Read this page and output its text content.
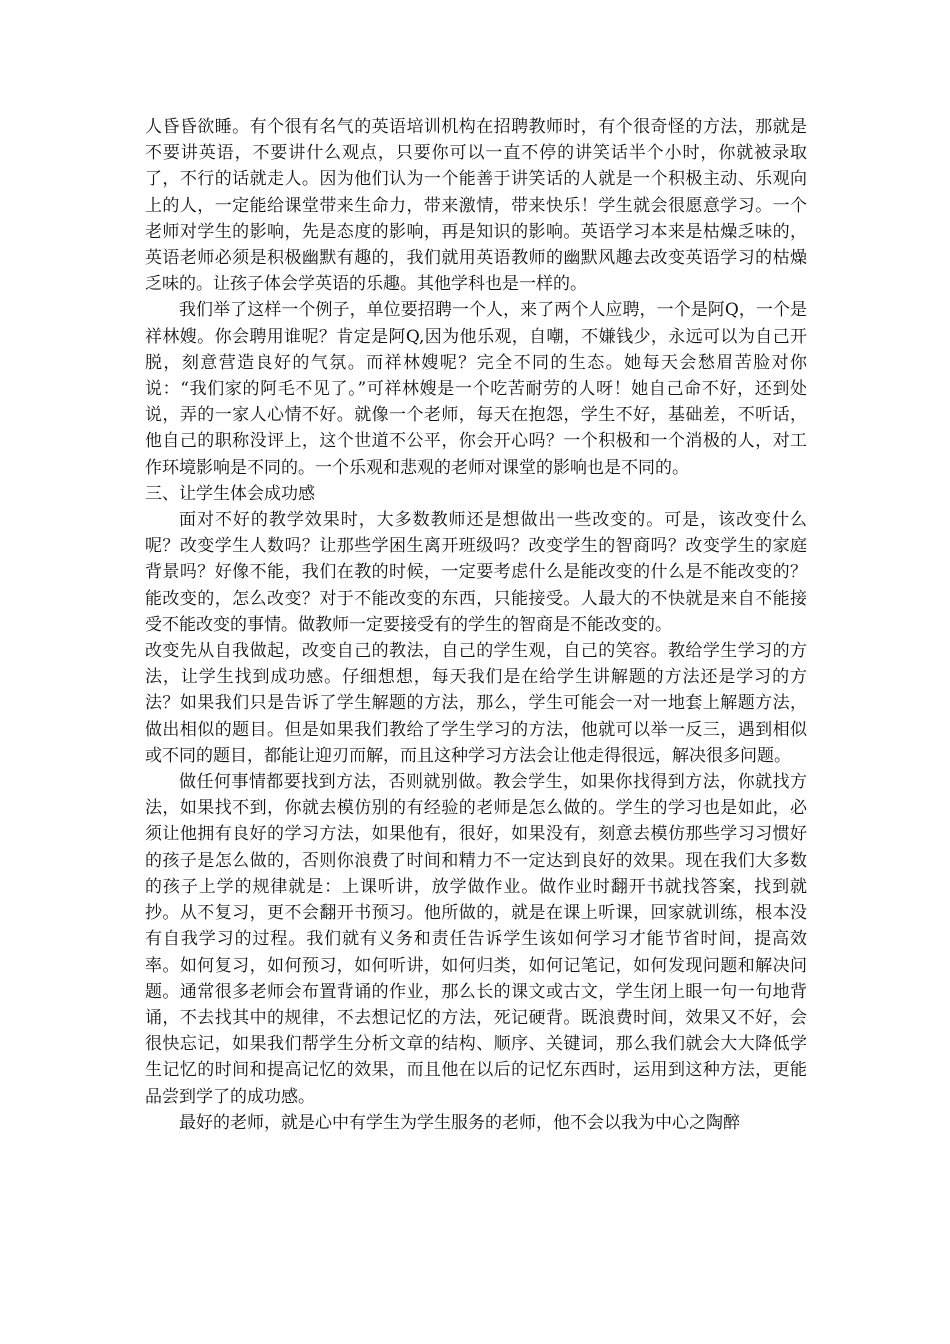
人昏昏欲睡。有个很有名气的英语培训机构在招聘教师时，有个很奇怪的方法，那就是不要讲英语，不要讲什么观点，只要你可以一直不停的讲笑话半个小时，你就被录取了，不行的话就走人。因为他们认为一个能善于讲笑话的人就是一个积极主动、乐观向上的人，一定能给课堂带来生命力，带来激情，带来快乐！学生就会很愿意学习。一个老师对学生的影响，先是态度的影响，再是知识的影响。英语学习本来是枯燥乏味的，英语老师必须是积极幽默有趣的，我们就用英语教师的幽默风趣去改变英语学习的枯燥乏味的。让孩子体会学英语的乐趣。其他学科也是一样的。

我们举了这样一个例子，单位要招聘一个人，来了两个人应聘，一个是阿Q，一个是祥林嫂。你会聘用谁呢？肯定是阿Q,因为他乐观，自嘲，不嫌钱少，永远可以为自己开脱，刻意营造良好的气氛。而祥林嫂呢？完全不同的生态。她每天会愁眉苦脸对你说：“我们家的阿毛不见了。”可祥林嫂是一个吃苦耐劳的人呀！她自己命不好，还到处说，弄的一家人心情不好。就像一个老师，每天在抱怨，学生不好，基础差，不听话，他自己的职称没评上，这个世道不公平，你会开心吗？一个积极和一个消极的人，对工作环境影响是不同的。一个乐观和悲观的老师对课堂的影响也是不同的。

三、让学生体会成功感

面对不好的教学效果时，大多数教师还是想做出一些改变的。可是，该改变什么呢？改变学生人数吗？让那些学困生离开班级吗？改变学生的智商吗？改变学生的家庭背景吗？好像不能，我们在教的时候，一定要考虑什么是能改变的什么是不能改变的？能改变的，怎么改变？对于不能改变的东西，只能接受。人最大的不快就是来自不能接受不能改变的事情。做教师一定要接受有的学生的智商是不能改变的。

改变先从自我做起，改变自己的教法，自己的学生观，自己的笑容。教给学生学习的方法，让学生找到成功感。仔细想想，每天我们是在给学生讲解题的方法还是学习的方法？如果我们只是告诉了学生解题的方法，那么，学生可能会一对一地套上解题方法，做出相似的题目。但是如果我们教给了学生学习的方法，他就可以举一反三，遇到相似或不同的题目，都能让迎刃而解，而且这种学习方法会让他走得很远，解决很多问题。

做任何事情都要找到方法，否则就别做。教会学生，如果你找得到方法，你就找方法，如果找不到，你就去模仿别的有经验的老师是怎么做的。学生的学习也是如此，必须让他拥有良好的学习方法，如果他有，很好，如果没有，刻意去模仿那些学习习惯好的孩子是怎么做的，否则你浪费了时间和精力不一定达到良好的效果。现在我们大多数的孩子上学的规律就是：上课听讲，放学做作业。做作业时翻开书就找答案，找到就抄。从不复习，更不会翻开书预习。他所做的，就是在课上听课，回家就训练，根本没有自我学习的过程。我们就有义务和责任告诉学生该如何学习才能节省时间，提高效率。如何复习，如何预习，如何听讲，如何归类，如何记笔记，如何发现问题和解决问题。通常很多老师会布置背诵的作业，那么长的课文或古文，学生闭上眼一句一句地背诵，不去找其中的规律，不去想记忆的方法，死记硬背。既浪费时间，效果又不好，会很快忘记，如果我们帮学生分析文章的结构、顺序、关键词，那么我们就会大大降低学生记忆的时间和提高记忆的效果，而且他在以后的记忆东西时，运用到这种方法，更能品尝到学了的成功感。

最好的老师，就是心中有学生为学生服务的老师，他不会以我为中心之陶醉
